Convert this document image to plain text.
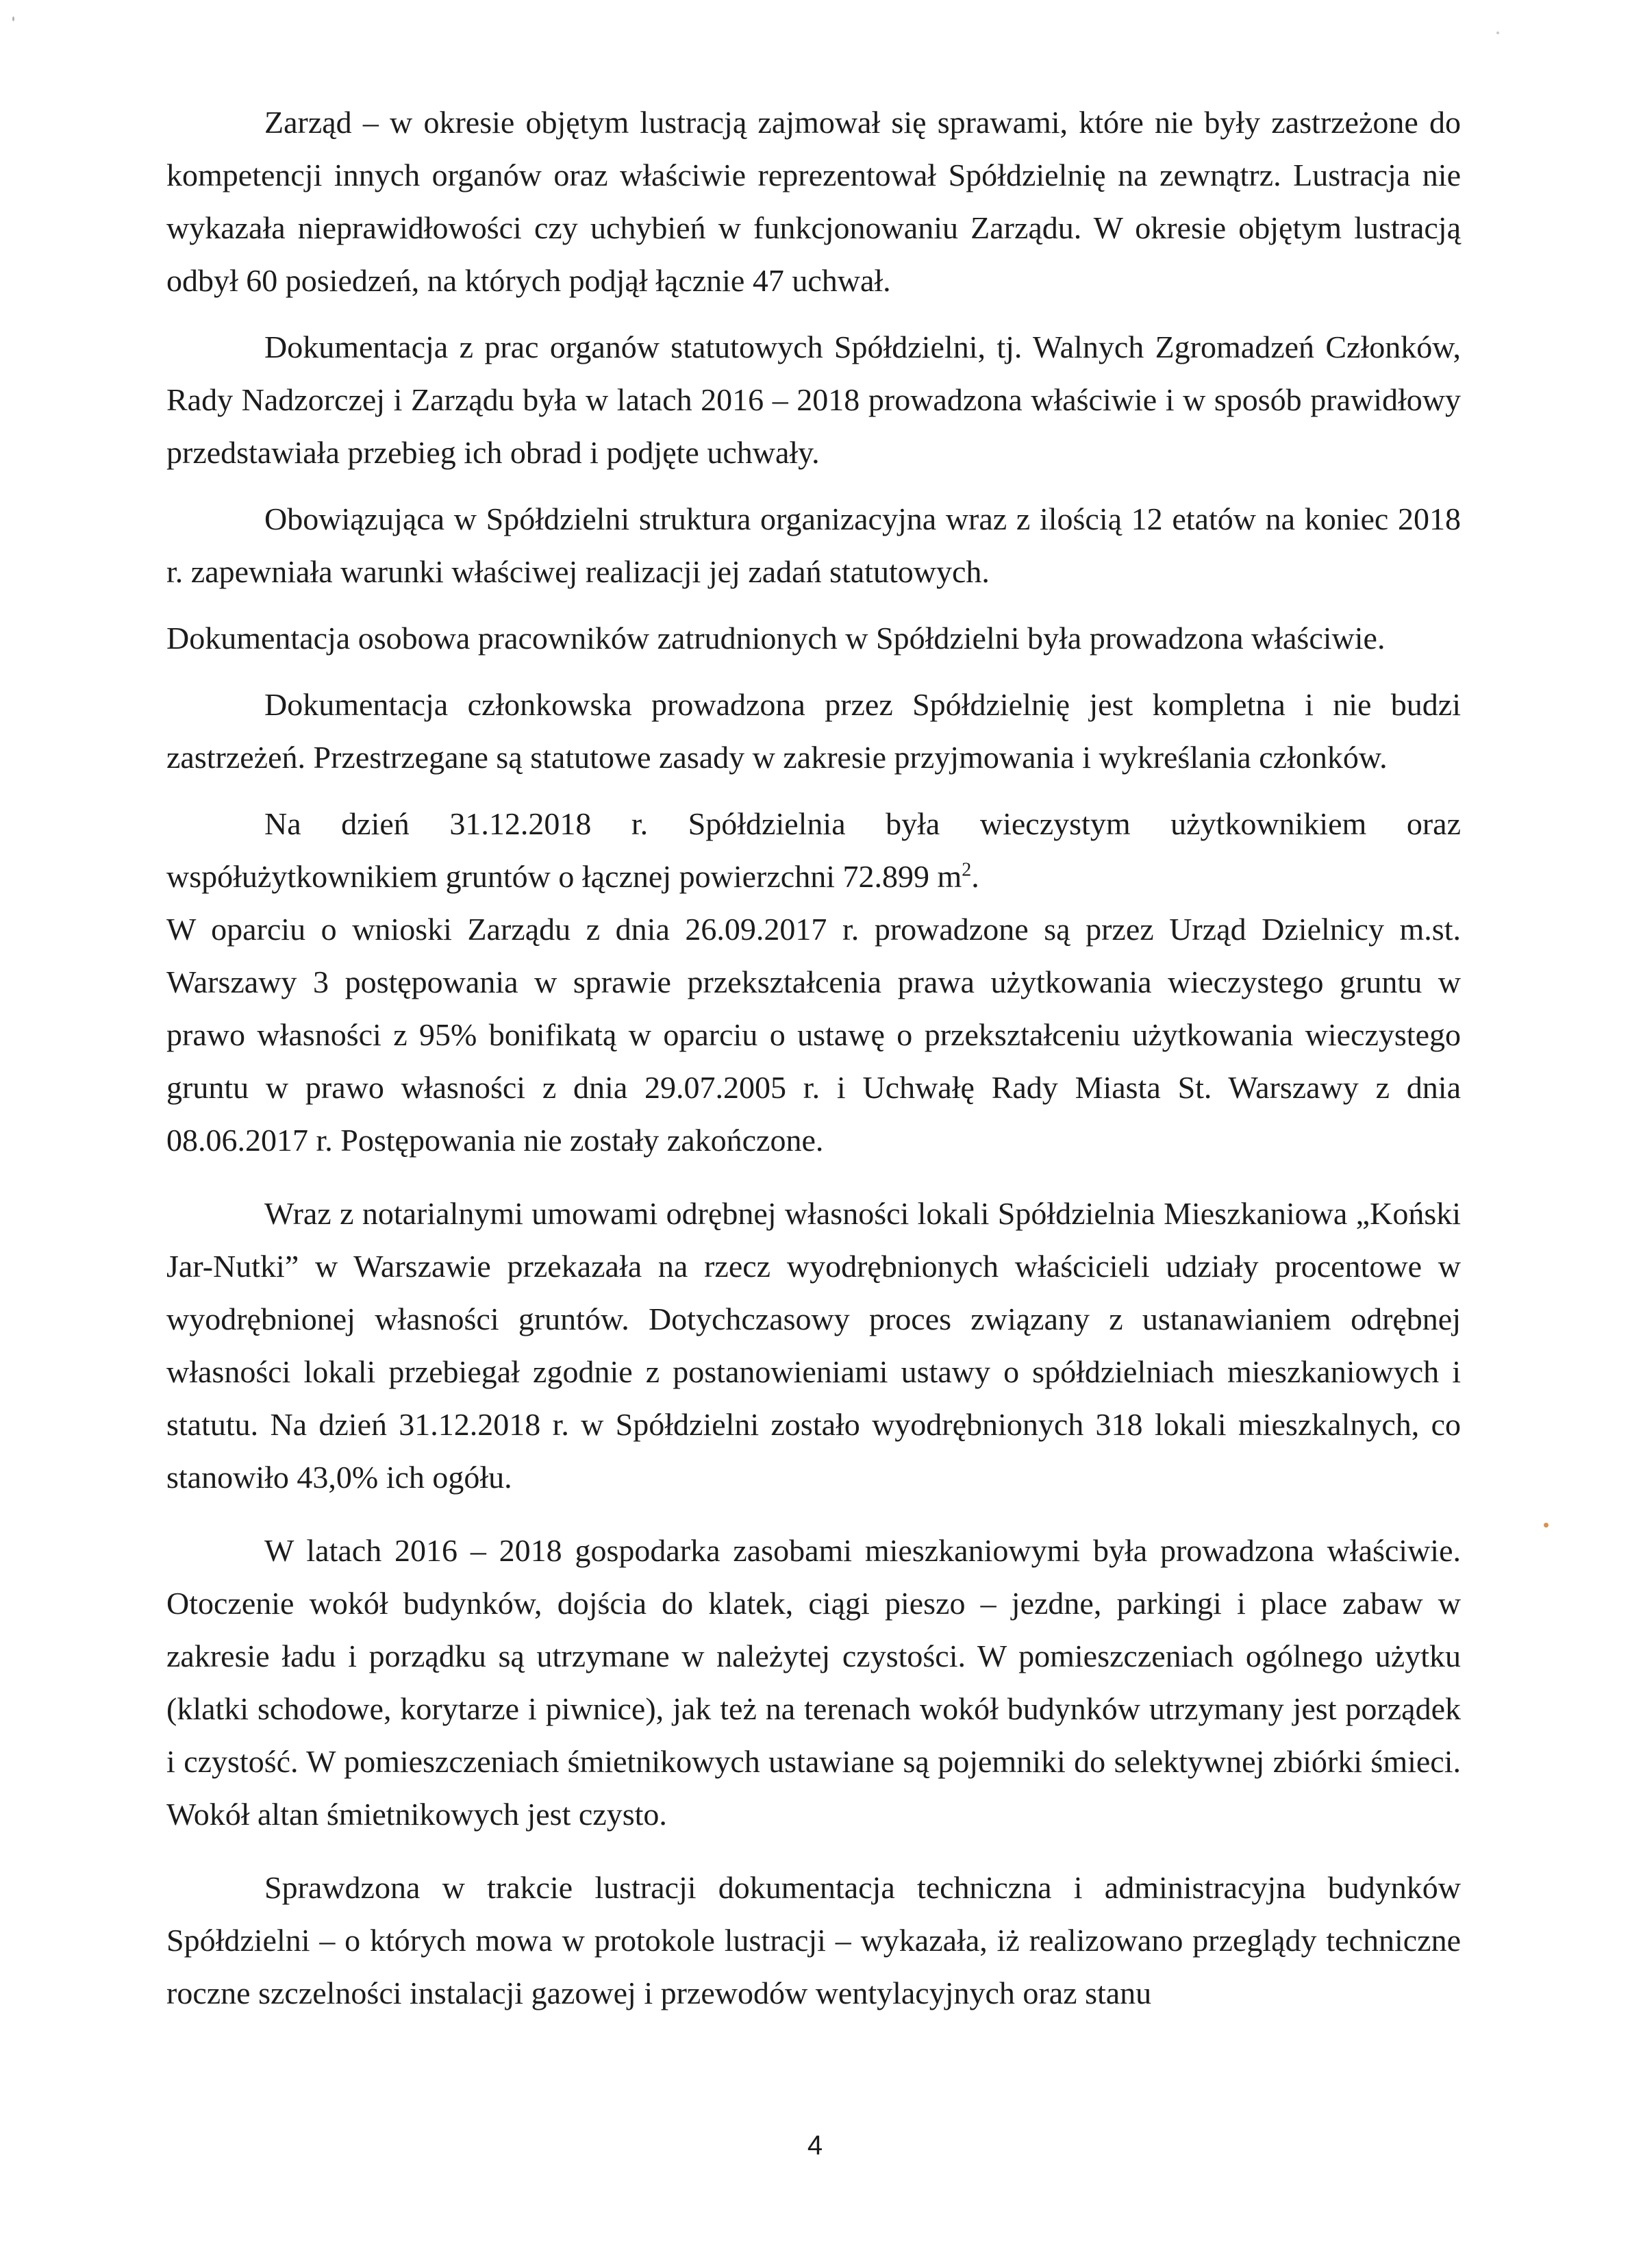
Zarząd – w okresie objętym lustracją zajmował się sprawami, które nie były zastrzeżone do kompetencji innych organów oraz właściwie reprezentował Spółdzielnię na zewnątrz. Lustracja nie wykazała nieprawidłowości czy uchybień w funkcjonowaniu Zarządu. W okresie objętym lustracją odbył 60 posiedzeń, na których podjął łącznie 47 uchwał.

Dokumentacja z prac organów statutowych Spółdzielni, tj. Walnych Zgromadzeń Członków, Rady Nadzorczej i Zarządu była w latach 2016 – 2018 prowadzona właściwie i w sposób prawidłowy przedstawiała przebieg ich obrad i podjęte uchwały.

Obowiązująca w Spółdzielni struktura organizacyjna wraz z ilością 12 etatów na koniec 2018 r. zapewniała warunki właściwej realizacji jej zadań statutowych.

Dokumentacja osobowa pracowników zatrudnionych w Spółdzielni była prowadzona właściwie.

Dokumentacja członkowska prowadzona przez Spółdzielnię jest kompletna i nie budzi zastrzeżeń. Przestrzegane są statutowe zasady w zakresie przyjmowania i wykreślania członków.

Na dzień 31.12.2018 r. Spółdzielnia była wieczystym użytkownikiem oraz współużytkownikiem gruntów o łącznej powierzchni 72.899 $m^2$.

W oparciu o wnioski Zarządu z dnia 26.09.2017 r. prowadzone są przez Urząd Dzielnicy m.st. Warszawy 3 postępowania w sprawie przekształcenia prawa użytkowania wieczystego gruntu w prawo własności z 95% bonifikatą w oparciu o ustawę o przekształceniu użytkowania wieczystego gruntu w prawo własności z dnia 29.07.2005 r. i Uchwałę Rady Miasta St. Warszawy z dnia 08.06.2017 r. Postępowania nie zostały zakończone.

Wraz z notarialnymi umowami odrębnej własności lokali Spółdzielnia Mieszkaniowa „Koński Jar-Nutki” w Warszawie przekazała na rzecz wyodrębnionych właścicieli udziały procentowe w wyodrębnionej własności gruntów. Dotychczasowy proces związany z ustanawianiem odrębnej własności lokali przebiegał zgodnie z postanowieniami ustawy o spółdzielniach mieszkaniowych i statutu. Na dzień 31.12.2018 r. w Spółdzielni zostało wyodrębnionych 318 lokali mieszkalnych, co stanowiło 43,0% ich ogółu.

W latach 2016 – 2018 gospodarka zasobami mieszkaniowymi była prowadzona właściwie. Otoczenie wokół budynków, dojścia do klatek, ciągi pieszo – jezdne, parkingi i place zabaw w zakresie ładu i porządku są utrzymane w należytej czystości. W pomieszczeniach ogólnego użytku (klatki schodowe, korytarze i piwnice), jak też na terenach wokół budynków utrzymany jest porządek i czystość. W pomieszczeniach śmietnikowych ustawiane są pojemniki do selektywnej zbiórki śmieci. Wokół altan śmietnikowych jest czysto.

Sprawdzona w trakcie lustracji dokumentacja techniczna i administracyjna budynków Spółdzielni – o których mowa w protokole lustracji – wykazała, iż realizowano przeglądy techniczne roczne szczelności instalacji gazowej i przewodów wentylacyjnych oraz stanu

4
